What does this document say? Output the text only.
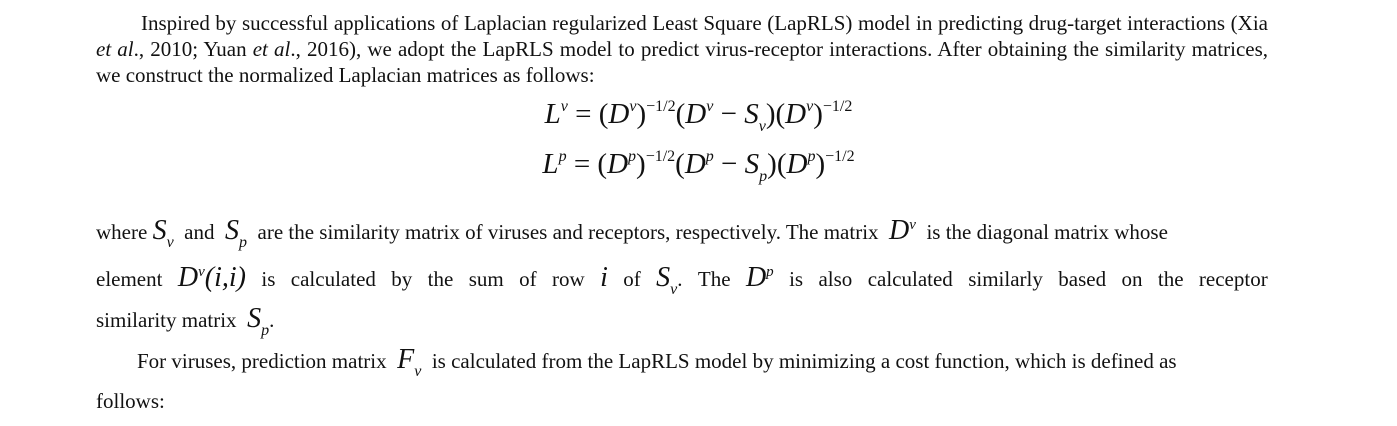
Inspired by successful applications of Laplacian regularized Least Square (LapRLS) model in predicting drug-target interactions (Xia et al., 2010; Yuan et al., 2016), we adopt the LapRLS model to predict virus-receptor interactions. After obtaining the similarity matrices, we construct the normalized Laplacian matrices as follows:

$L^v = (D^v)^{-1/2}(D^v - S_v)(D^v)^{-1/2}$
$L^p = (D^p)^{-1/2}(D^p - S_p)(D^p)^{-1/2}$
where $S_v$ and $S_p$ are the similarity matrix of viruses and receptors, respectively. The matrix $D^v$ is the diagonal matrix whose
element $D^v(i,i)$ is calculated by the sum of row i of $S_v$. The $D^p$ is also calculated similarly based on the receptor
similarity matrix $S_p$.
For viruses, prediction matrix $F_v$ is calculated from the LapRLS model by minimizing a cost function, which is defined as
follows:
